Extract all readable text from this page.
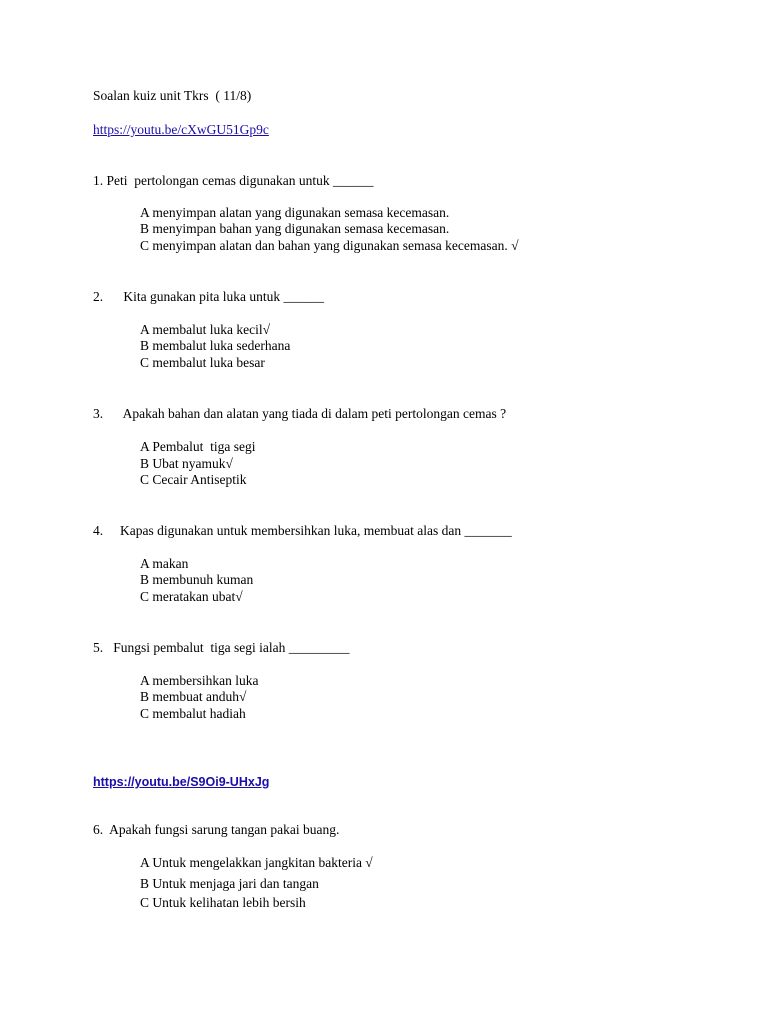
Soalan kuiz unit Tkrs  ( 11/8)
https://youtu.be/cXwGU51Gp9c
1. Peti  pertolongan cemas digunakan untuk ______
A menyimpan alatan yang digunakan semasa kecemasan.
B menyimpan bahan yang digunakan semasa kecemasan.
C menyimpan alatan dan bahan yang digunakan semasa kecemasan. √
2.      Kita gunakan pita luka untuk ______
A membalut luka kecil√
B membalut luka sederhana
C membalut luka besar
3.      Apakah bahan dan alatan yang tiada di dalam peti pertolongan cemas ?
A Pembalut  tiga segi
B Ubat nyamuk√
C Cecair Antiseptik
4.     Kapas digunakan untuk membersihkan luka, membuat alas dan _______
A makan
B membunuh kuman
C meratakan ubat√
5.   Fungsi pembalut  tiga segi ialah _________
A membersihkan luka
B membuat anduh√
C membalut hadiah
https://youtu.be/S9Oi9-UHxJg
6.  Apakah fungsi sarung tangan pakai buang.
A Untuk mengelakkan jangkitan bakteria √
B Untuk menjaga jari dan tangan
C Untuk kelihatan lebih bersih
